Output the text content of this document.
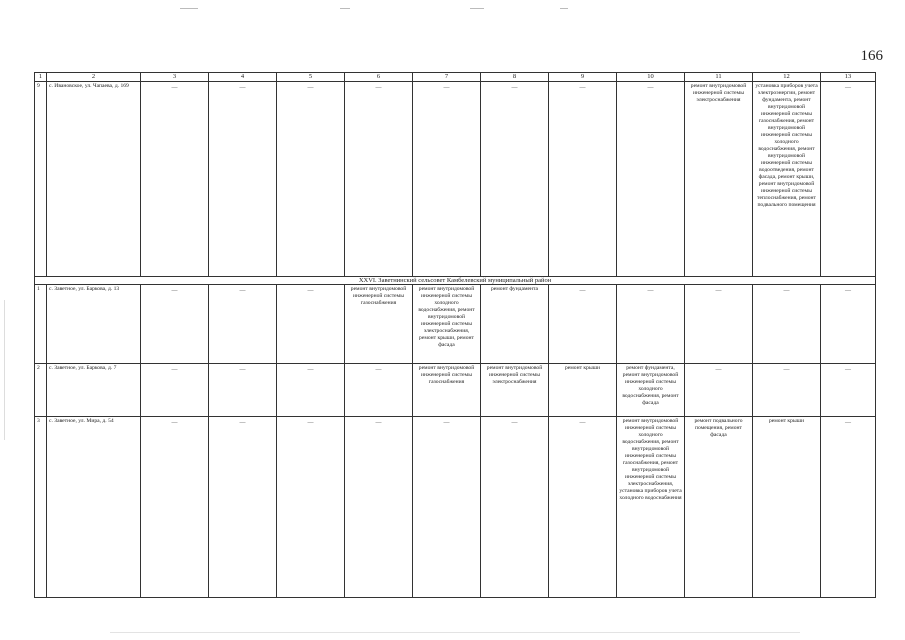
166
1	2	3	4	5	6	7	8	9	10	11	12	13
9	с. Ивановское, ул. Чапаева, д. 169	—	—	—	—	—	—	—	—	ремонт внутридомовой инженерной системы электроснабжения	установка приборов учета электроэнергии, ремонт фундамента, ремонт внутридомовой инженерной системы газоснабжения, ремонт внутридомовой инженерной системы холодного водоснабжения, ремонт внутридомовой инженерной системы водоотведения, ремонт фасада, ремонт крыши, ремонт внутридомовой инженерной системы теплоснабжения, ремонт подвального помещения	—

XXVI. Заветнинский сельсовет Камбелевский муниципальный район												
1	с. Заветное, ул. Баркова, д. 13	—	—	—	ремонт внутридомовой инженерной системы газоснабжения	ремонт внутридомовой инженерной системы холодного водоснабжения, ремонт внутридомовой инженерной системы электроснабжения, ремонт крыши, ремонт фасада	ремонт фундамента	—	—	—	—	—

2	с. Заветное, ул. Баркова, д. 7	—	—	—	—	ремонт внутридомовой инженерной системы газоснабжения	ремонт внутридомовой инженерной системы электроснабжения	ремонт крыши	ремонт фундамента, ремонт внутридомовой инженерной системы холодного водоснабжения, ремонт фасада	—	—	—

3	с. Заветное, ул. Мира, д. 54	—	—	—	—	—	—	—	ремонт внутридомовой инженерной системы холодного водоснабжения, ремонт внутридомовой инженерной системы газоснабжения, ремонт внутридомовой инженерной системы электроснабжения, установка приборов учета холодного водоснабжения	ремонт подвального помещения, ремонт фасада	ремонт крыши	—
